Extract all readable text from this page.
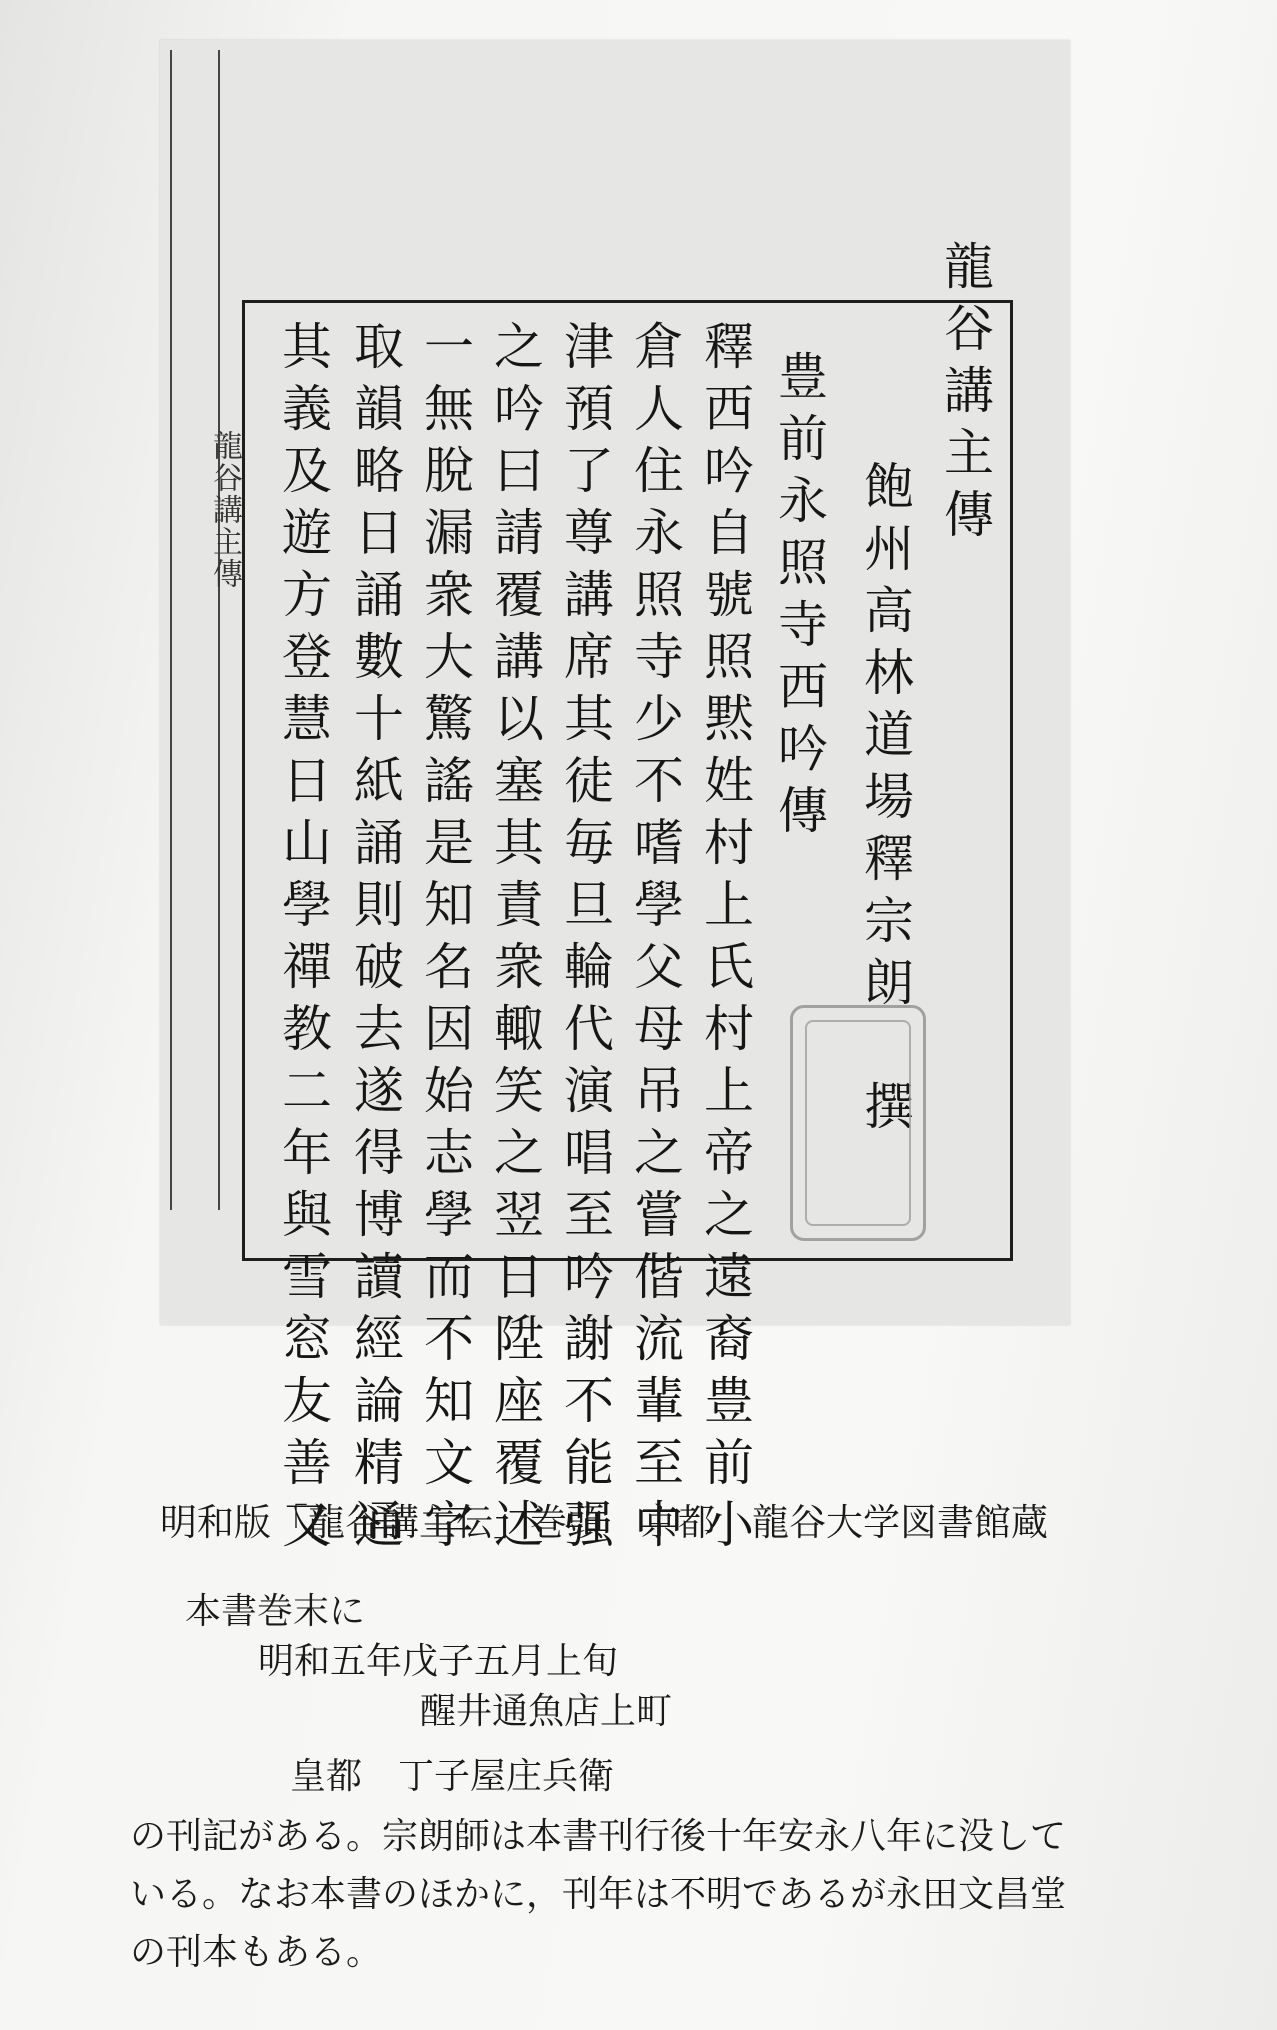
龍谷講主傳	龍谷講主傳
飽州高林道場釋宗朗　撰
豊前永照寺西吟傳
釋西吟自號照黙姓村上氏村上帝之遠裔豊前小
倉人住永照寺少不嗜學父母吊之嘗偕流輩至中
津預了尊講席其徒毎旦輪代演唱至吟謝不能强
之吟曰請覆講以塞其責衆輙笑之翌日陞座覆述
一無脫漏衆大驚謠是知名因始志學而不知文字
取韻略日誦數十紙誦則破去遂得博讀經論精通
其義及遊方登慧日山學禪教二年與雪窓友善又
明和版「龍谷講主伝」巻頭　京都　龍谷大学図書館蔵
本書巻末に
明和五年戊子五月上旬
醒井通魚店上町
皇都　丁子屋庄兵衛
の刊記がある。宗朗師は本書刊行後十年安永八年に没して
いる。なお本書のほかに，刊年は不明であるが永田文昌堂
の刊本もある。
